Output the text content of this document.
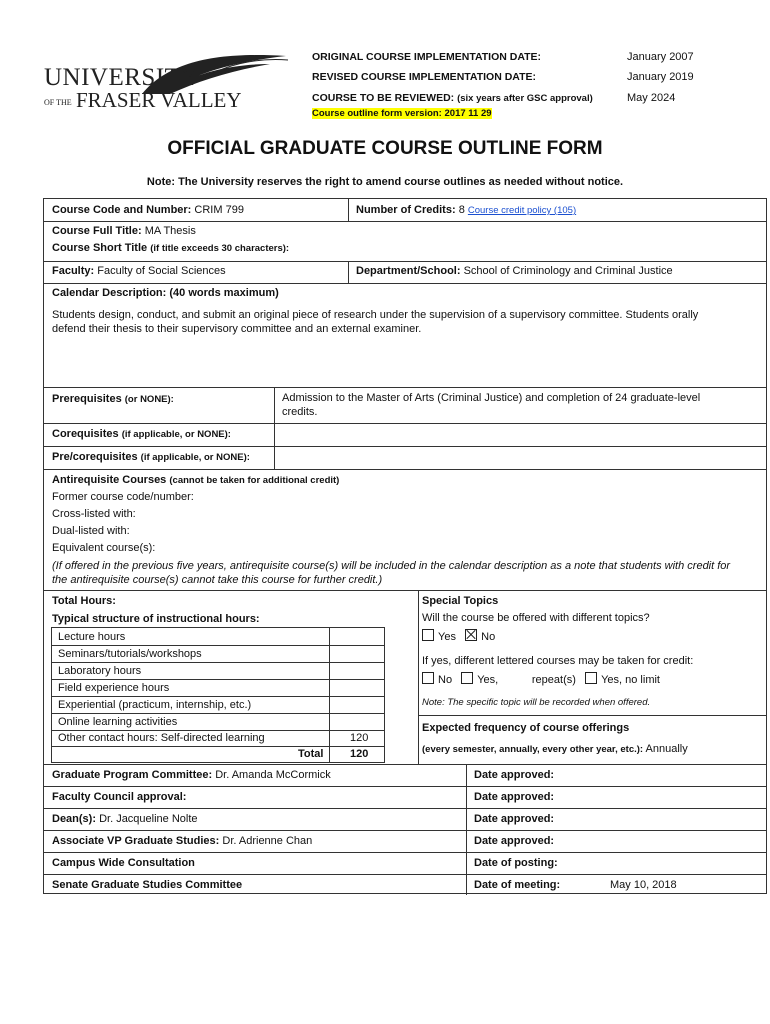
UNIVERSITY
OF THE FRASER VALLEY
ORIGINAL COURSE IMPLEMENTATION DATE:	January 2007
REVISED COURSE IMPLEMENTATION DATE:	January 2019
COURSE TO BE REVIEWED: (six years after GSC approval)	May 2024
Course outline form version: 2017 11 29
OFFICIAL GRADUATE COURSE OUTLINE FORM
Note: The University reserves the right to amend course outlines as needed without notice.
Course Code and Number: CRIM 799	Number of Credits: 8 Course credit policy (105)
Course Full Title: MA Thesis
Course Short Title (if title exceeds 30 characters):
Faculty: Faculty of Social Sciences	Department/School: School of Criminology and Criminal Justice
Calendar Description: (40 words maximum)
Students design, conduct, and submit an original piece of research under the supervision of a supervisory committee. Students orally defend their thesis to their supervisory committee and an external examiner.
Prerequisites (or NONE):	Admission to the Master of Arts (Criminal Justice) and completion of 24 graduate-level credits.
Corequisites (if applicable, or NONE):
Pre/corequisites (if applicable, or NONE):
Antirequisite Courses (cannot be taken for additional credit)
Former course code/number:
Cross-listed with:
Dual-listed with:
Equivalent course(s):
(If offered in the previous five years, antirequisite course(s) will be included in the calendar description as a note that students with credit for the antirequisite course(s) cannot take this course for further credit.)
Total Hours:
Typical structure of instructional hours:
Special Topics
Will the course be offered with different topics?
Yes No
If yes, different lettered courses may be taken for credit:
No Yes,	repeat(s) Yes, no limit
Note: The specific topic will be recorded when offered.
Expected frequency of course offerings
(every semester, annually, every other year, etc.): Annually
Graduate Program Committee: Dr. Amanda McCormick	Date approved:
Faculty Council approval:	Date approved:
Dean(s): Dr. Jacqueline Nolte	Date approved:
Associate VP Graduate Studies: Dr. Adrienne Chan	Date approved:
Campus Wide Consultation	Date of posting:
Senate Graduate Studies Committee	Date of meeting:	May 10, 2018
Lecture hours
Seminars/tutorials/workshops
Laboratory hours
Field experience hours
Experiential (practicum, internship, etc.)
Online learning activities
Other contact hours: Self-directed learning	120
Total 120
